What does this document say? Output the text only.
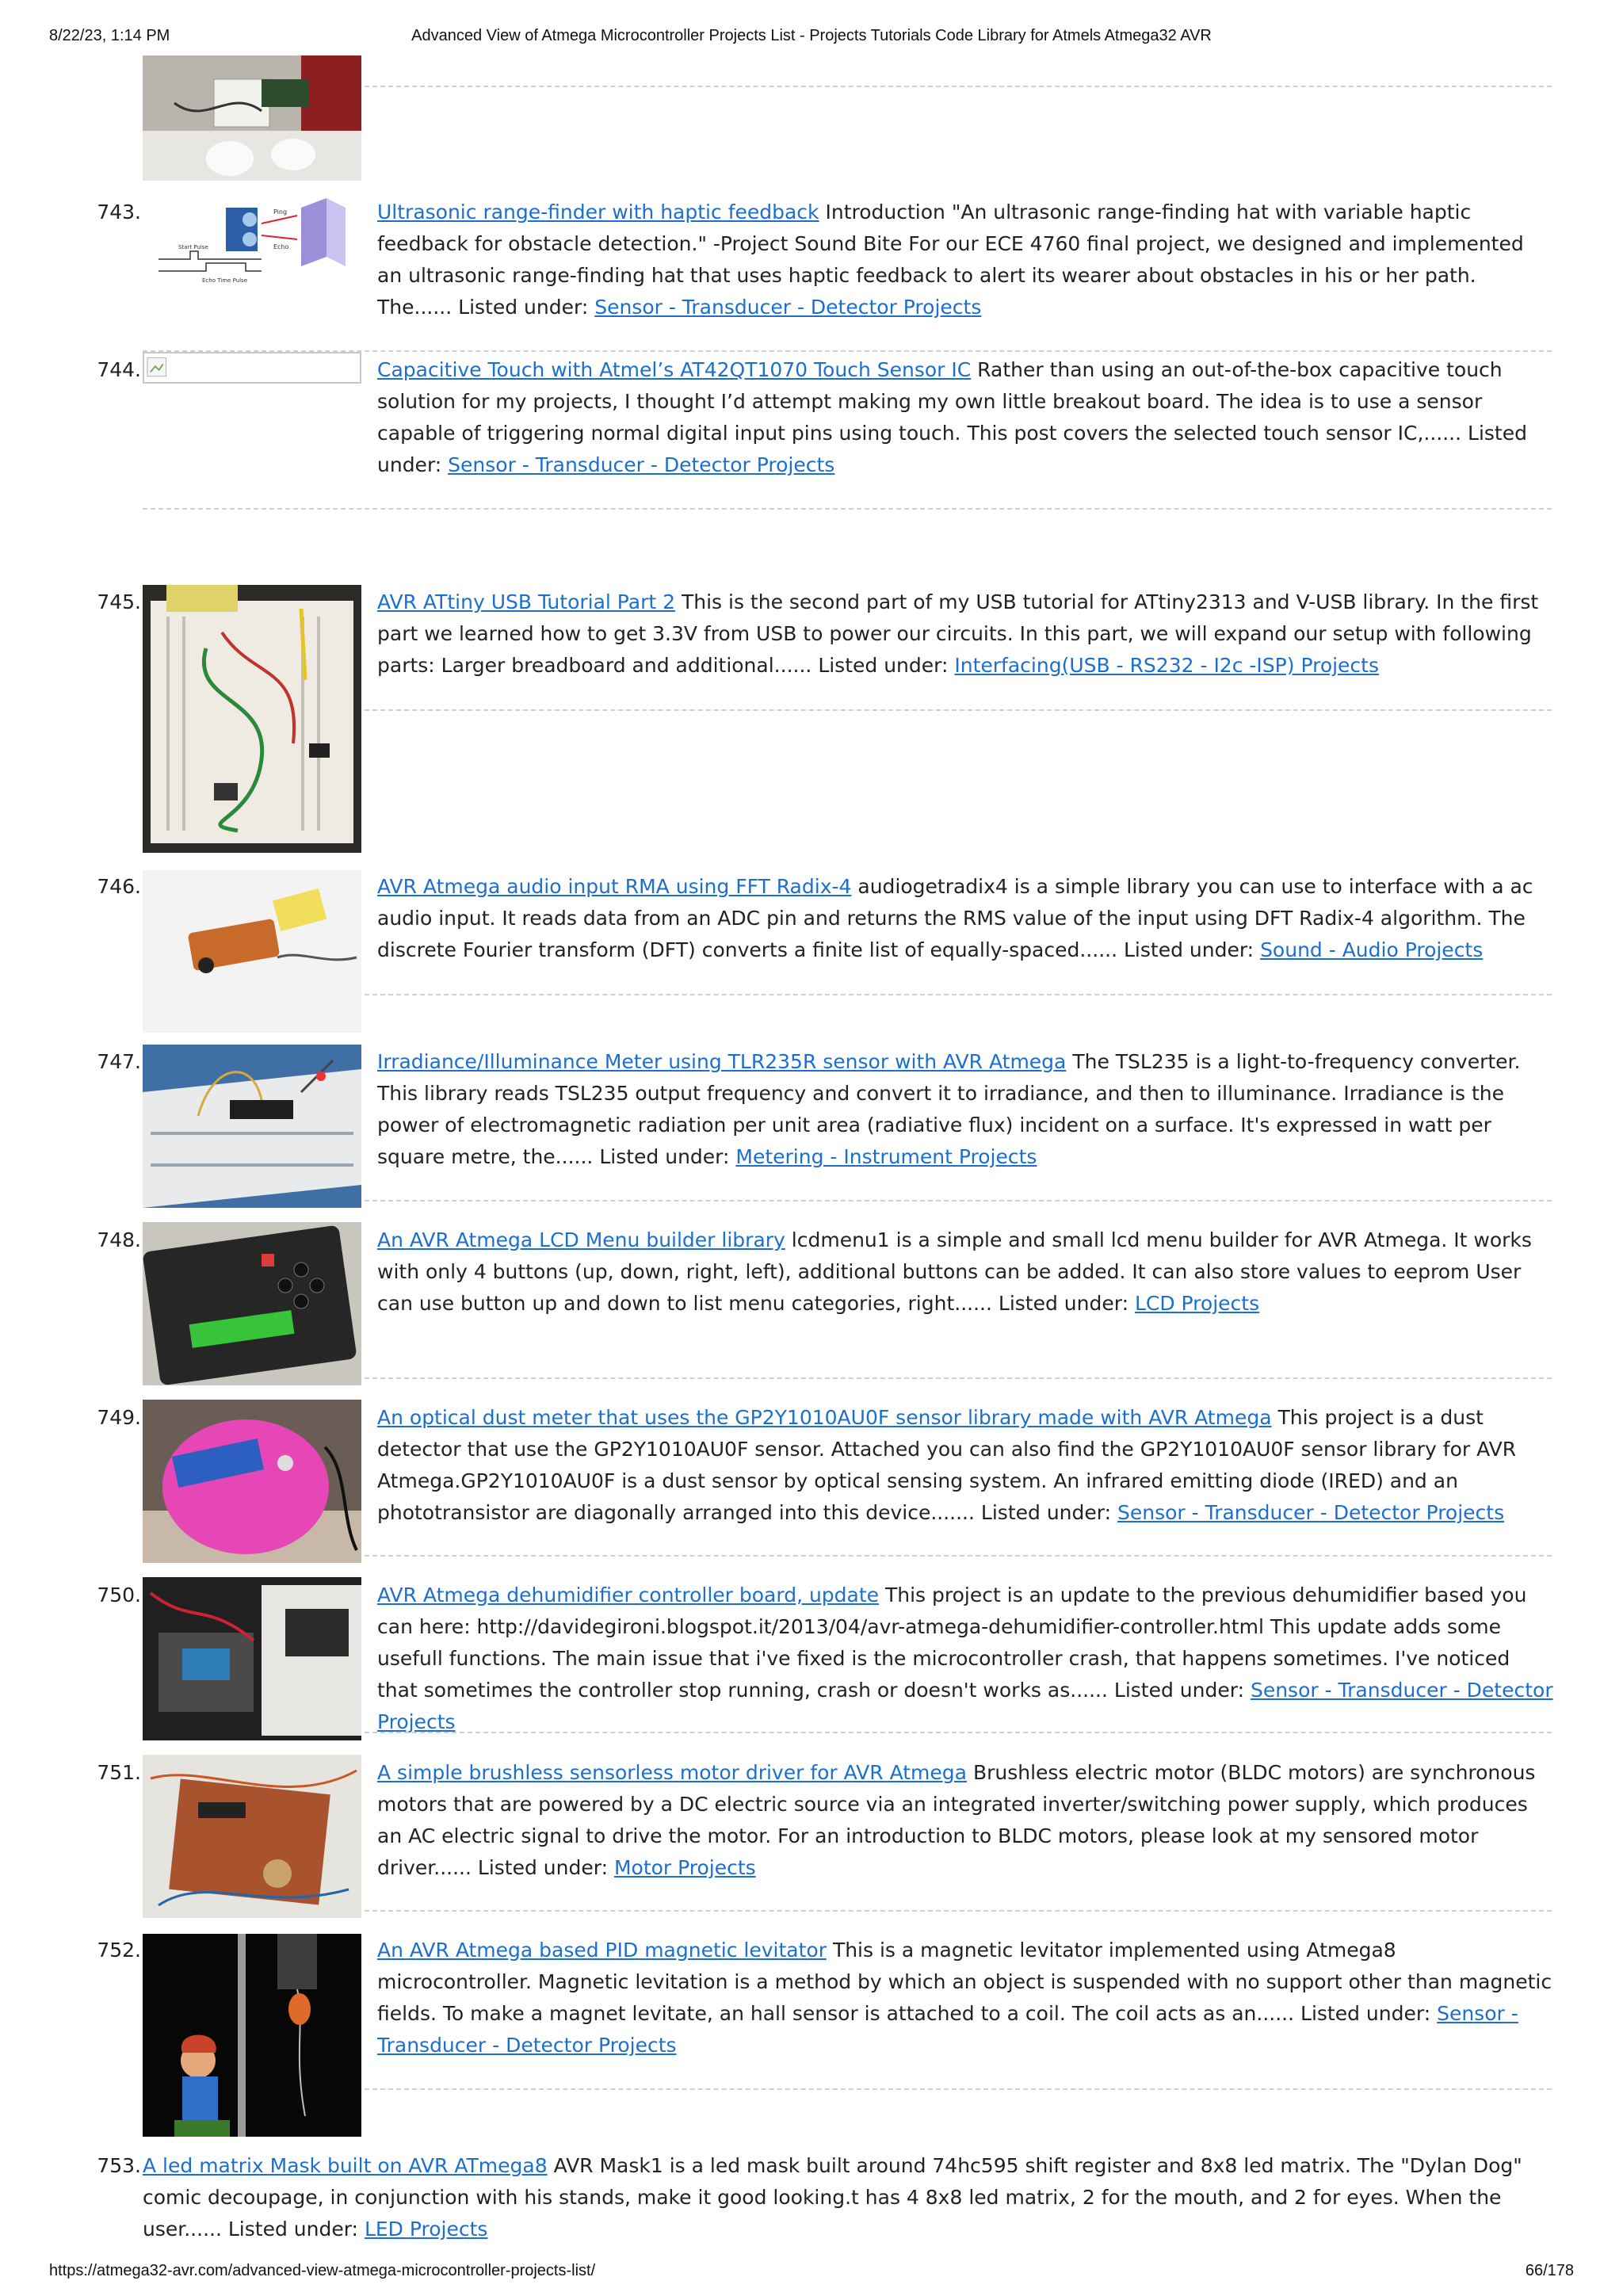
8/22/23, 1:14 PM	Advanced View of Atmega Microcontroller Projects List - Projects Tutorials Code Library for Atmels Atmega32 AVR
Ping
Echo
Start Pulse
Echo Time Pulse
743.	Ultrasonic range-finder with haptic feedback Introduction "An ultrasonic range-finding hat with variable haptic feedback for obstacle detection." -Project Sound Bite For our ECE 4760 final project, we designed and implemented an ultrasonic range-finding hat that uses haptic feedback to alert its wearer about obstacles in his or her path. The...... Listed under: Sensor - Transducer - Detector Projects
744.	Capacitive Touch with Atmel’s AT42QT1070 Touch Sensor IC Rather than using an out-of-the-box capacitive touch solution for my projects, I thought I’d attempt making my own little breakout board. The idea is to use a sensor capable of triggering normal digital input pins using touch. This post covers the selected touch sensor IC,...... Listed under: Sensor - Transducer - Detector Projects
745.	AVR ATtiny USB Tutorial Part 2 This is the second part of my USB tutorial for ATtiny2313 and V-USB library. In the first part we learned how to get 3.3V from USB to power our circuits. In this part, we will expand our setup with following parts: Larger breadboard and additional...... Listed under: Interfacing(USB - RS232 - I2c -ISP) Projects
746.	AVR Atmega audio input RMA using FFT Radix-4 audiogetradix4 is a simple library you can use to interface with a ac audio input. It reads data from an ADC pin and returns the RMS value of the input using DFT Radix-4 algorithm. The discrete Fourier transform (DFT) converts a finite list of equally-spaced...... Listed under: Sound - Audio Projects
747.	Irradiance/Illuminance Meter using TLR235R sensor with AVR Atmega The TSL235 is a light-to-frequency converter. This library reads TSL235 output frequency and convert it to irradiance, and then to illuminance. Irradiance is the power of electromagnetic radiation per unit area (radiative flux) incident on a surface. It's expressed in watt per square metre, the...... Listed under: Metering - Instrument Projects
748.	An AVR Atmega LCD Menu builder library lcdmenu1 is a simple and small lcd menu builder for AVR Atmega. It works with only 4 buttons (up, down, right, left), additional buttons can be added. It can also store values to eeprom User can use button up and down to list menu categories, right...... Listed under: LCD Projects
749.	An optical dust meter that uses the GP2Y1010AU0F sensor library made with AVR Atmega This project is a dust detector that use the GP2Y1010AU0F sensor. Attached you can also find the GP2Y1010AU0F sensor library for AVR Atmega.GP2Y1010AU0F is a dust sensor by optical sensing system. An infrared emitting diode (IRED) and an phototransistor are diagonally arranged into this device....... Listed under: Sensor - Transducer - Detector Projects
750.	AVR Atmega dehumidifier controller board, update This project is an update to the previous dehumidifier based you can here: http://davidegironi.blogspot.it/2013/04/avr-atmega-dehumidifier-controller.html This update adds some usefull functions. The main issue that i've fixed is the microcontroller crash, that happens sometimes. I've noticed that sometimes the controller stop running, crash or doesn't works as...... Listed under: Sensor - Transducer - Detector Projects
751.	A simple brushless sensorless motor driver for AVR Atmega Brushless electric motor (BLDC motors) are synchronous motors that are powered by a DC electric source via an integrated inverter/switching power supply, which produces an AC electric signal to drive the motor. For an introduction to BLDC motors, please look at my sensored motor driver...... Listed under: Motor Projects
752.	An AVR Atmega based PID magnetic levitator This is a magnetic levitator implemented using Atmega8 microcontroller. Magnetic levitation is a method by which an object is suspended with no support other than magnetic fields. To make a magnet levitate, an hall sensor is attached to a coil. The coil acts as an...... Listed under: Sensor - Transducer - Detector Projects
753. A led matrix Mask built on AVR ATmega8 AVR Mask1 is a led mask built around 74hc595 shift register and 8x8 led matrix. The "Dylan Dog" comic decoupage, in conjunction with his stands, make it good looking.t has 4 8x8 led matrix, 2 for the mouth, and 2 for eyes. When the user...... Listed under: LED Projects
https://atmega32-avr.com/advanced-view-atmega-microcontroller-projects-list/	66/178
